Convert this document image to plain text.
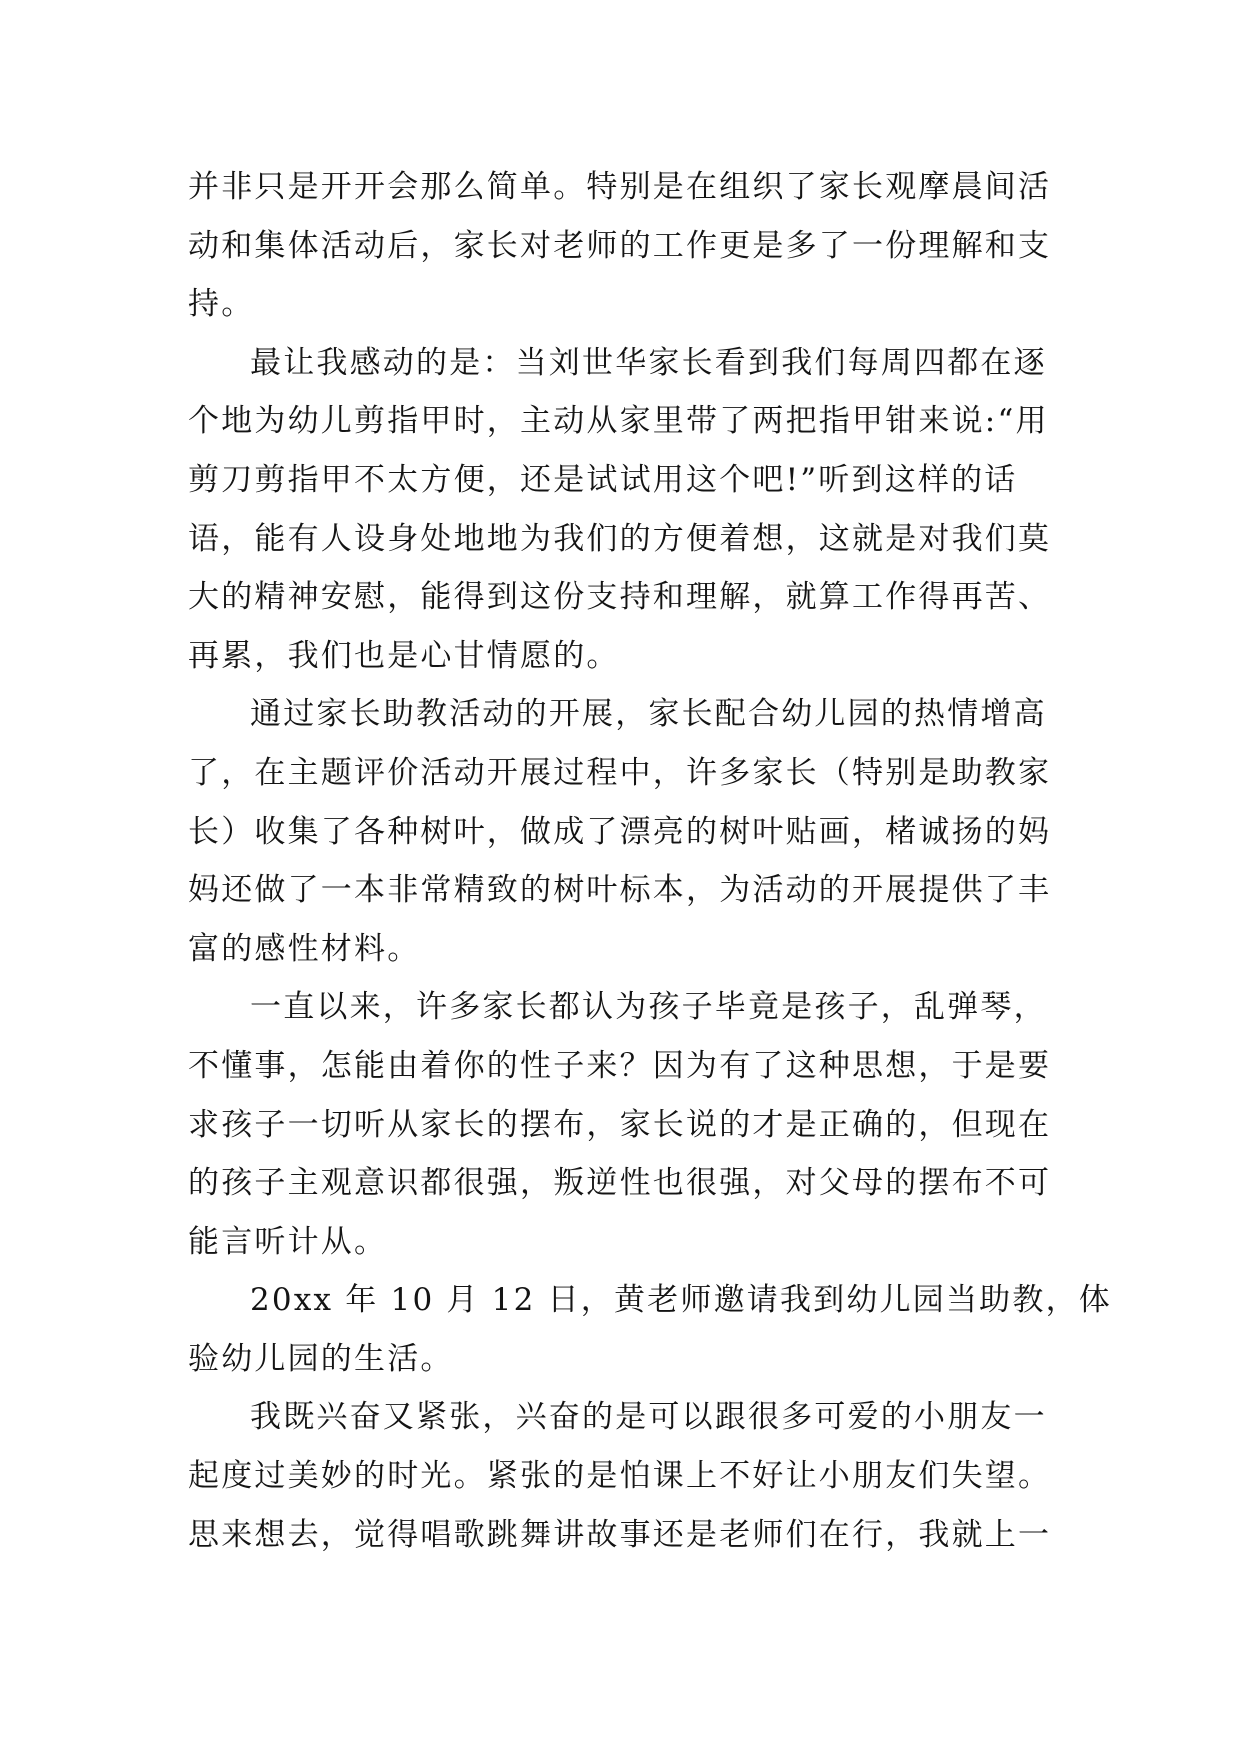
并非只是开开会那么简单。特别是在组织了家长观摩晨间活
动和集体活动后，家长对老师的工作更是多了一份理解和支
持。
最让我感动的是：当刘世华家长看到我们每周四都在逐
个地为幼儿剪指甲时，主动从家里带了两把指甲钳来说:“用
剪刀剪指甲不太方便，还是试试用这个吧!”听到这样的话
语，能有人设身处地地为我们的方便着想，这就是对我们莫
大的精神安慰，能得到这份支持和理解，就算工作得再苦、
再累，我们也是心甘情愿的。
通过家长助教活动的开展，家长配合幼儿园的热情增高
了，在主题评价活动开展过程中，许多家长（特别是助教家
长）收集了各种树叶，做成了漂亮的树叶贴画，楮诚扬的妈
妈还做了一本非常精致的树叶标本，为活动的开展提供了丰
富的感性材料。
一直以来，许多家长都认为孩子毕竟是孩子，乱弹琴，
不懂事，怎能由着你的性子来？因为有了这种思想，于是要
求孩子一切听从家长的摆布，家长说的才是正确的，但现在
的孩子主观意识都很强，叛逆性也很强，对父母的摆布不可
能言听计从。
20xx 年 10 月 12 日，黄老师邀请我到幼儿园当助教，体
验幼儿园的生活。
我既兴奋又紧张，兴奋的是可以跟很多可爱的小朋友一
起度过美妙的时光。紧张的是怕课上不好让小朋友们失望。
思来想去，觉得唱歌跳舞讲故事还是老师们在行，我就上一
